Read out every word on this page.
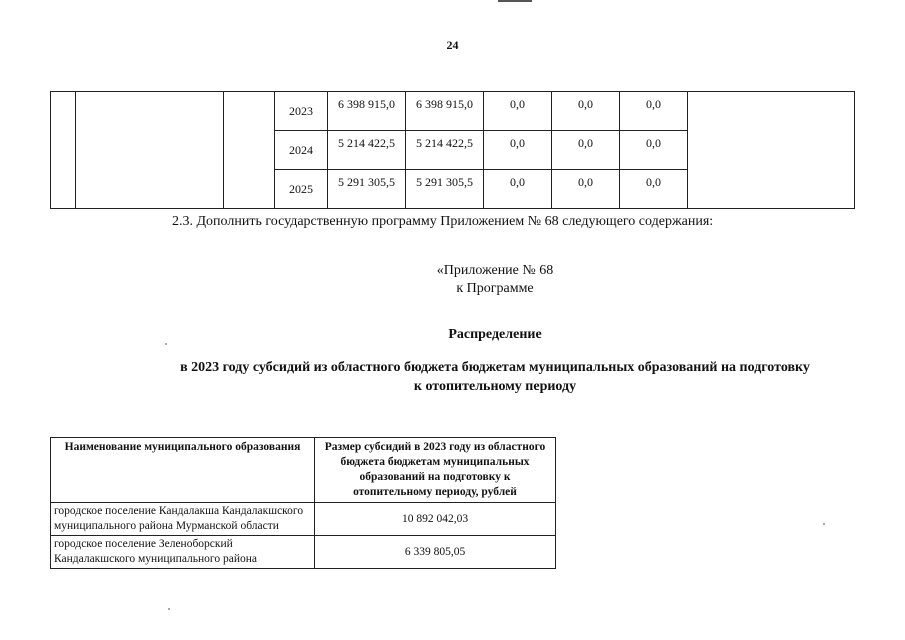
24
			2023	6 398 915,0	6 398 915,0	0,0	0,0	0,0	
			2024	5 214 422,5	5 214 422,5	0,0	0,0	0,0	
			2025	5 291 305,5	5 291 305,5	0,0	0,0	0,0	
2.3. Дополнить государственную программу Приложением № 68 следующего содержания:
«Приложение № 68
к Программе
Распределение
в 2023 году субсидий из областного бюджета бюджетам муниципальных образований на подготовку
к отопительному периоду
Наименование муниципального образования	Размер субсидий в 2023 году из областного бюджета бюджетам муниципальных образований на подготовку к отопительному периоду, рублей
городское поселение Кандалакша Кандалакшского муниципального района Мурманской области	10 892 042,03
городское поселение Зеленоборский Кандалакшского муниципального района	6 339 805,05
